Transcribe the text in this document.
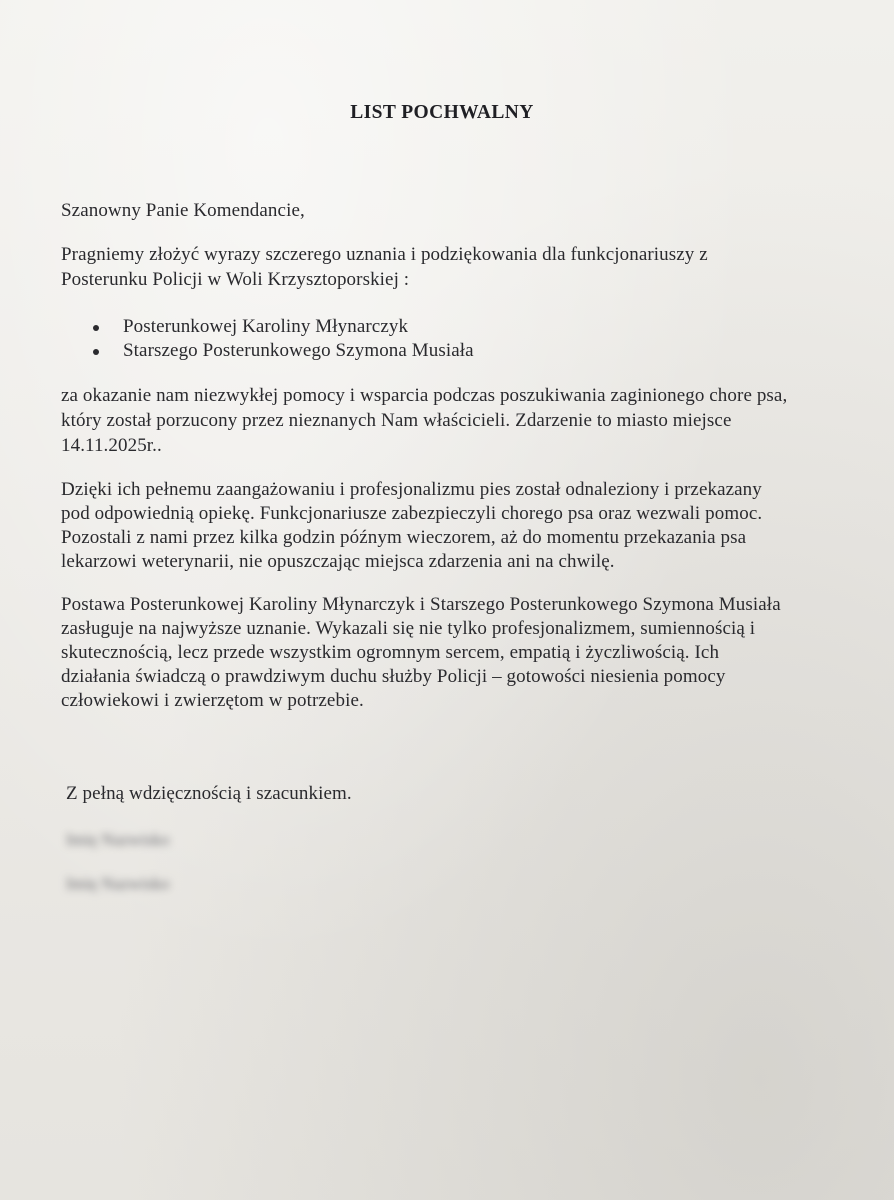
LIST POCHWALNY
Szanowny Panie Komendancie,
Pragniemy złożyć wyrazy szczerego uznania i podziękowania dla funkcjonariuszy z
Posterunku Policji w Woli Krzysztoporskiej :
Posterunkowej Karoliny Młynarczyk
Starszego Posterunkowego Szymona Musiała
za okazanie nam niezwykłej pomocy i wsparcia podczas poszukiwania zaginionego chore psa,
który został porzucony przez nieznanych Nam właścicieli. Zdarzenie to miasto miejsce
14.11.2025r..
Dzięki ich pełnemu zaangażowaniu i profesjonalizmu pies został odnaleziony i przekazany
pod odpowiednią opiekę. Funkcjonariusze zabezpieczyli chorego psa oraz wezwali pomoc.
Pozostali z nami przez kilka godzin późnym wieczorem, aż do momentu przekazania psa
lekarzowi weterynarii, nie opuszczając miejsca zdarzenia ani na chwilę.
Postawa Posterunkowej Karoliny Młynarczyk i Starszego Posterunkowego Szymona Musiała
zasługuje na najwyższe uznanie. Wykazali się nie tylko profesjonalizmem, sumiennością i
skutecznością, lecz przede wszystkim ogromnym sercem, empatią i życzliwością. Ich
działania świadczą o prawdziwym duchu służby Policji – gotowości niesienia pomocy
człowiekowi i zwierzętom w potrzebie.
Z pełną wdzięcznością i szacunkiem.
Imię Nazwisko
Imię Nazwisko
